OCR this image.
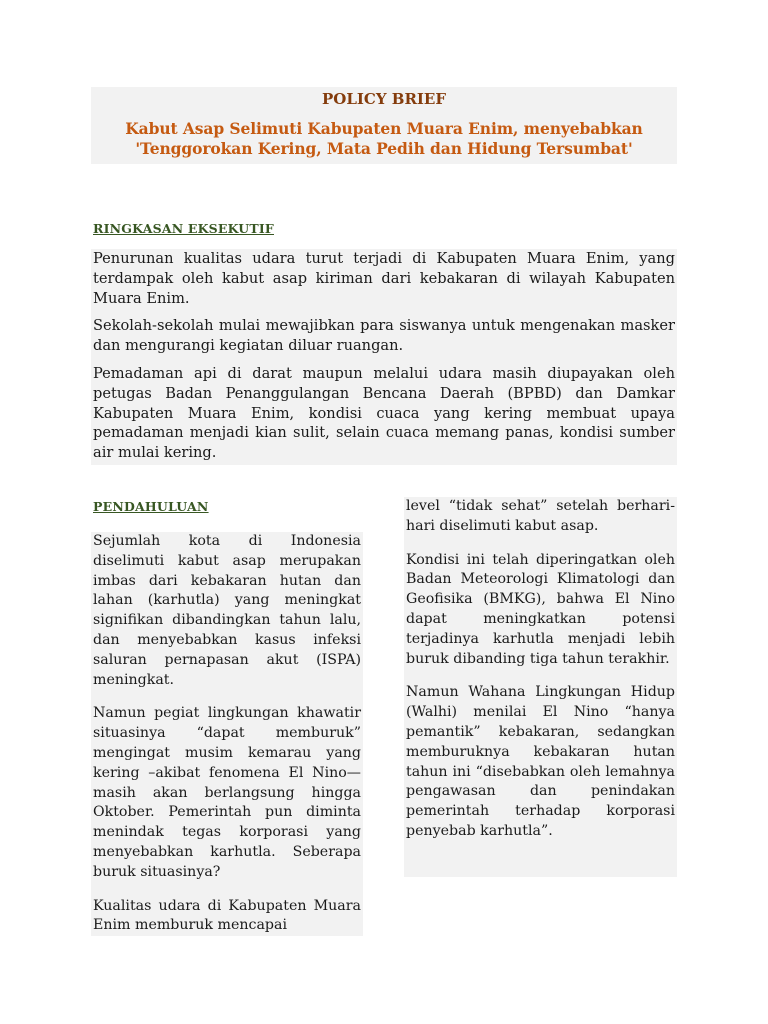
POLICY BRIEF
Kabut Asap Selimuti Kabupaten Muara Enim, menyebabkan
'Tenggorokan Kering, Mata Pedih dan Hidung Tersumbat'
RINGKASAN EKSEKUTIF

Penurunan kualitas udara turut terjadi di Kabupaten Muara Enim, yang terdampak oleh kabut asap kiriman dari kebakaran di wilayah Kabupaten Muara Enim.

Sekolah-sekolah mulai mewajibkan para siswanya untuk mengenakan masker dan mengurangi kegiatan diluar ruangan.

Pemadaman api di darat maupun melalui udara masih diupayakan oleh petugas Badan Penanggulangan Bencana Daerah (BPBD) dan Damkar Kabupaten Muara Enim, kondisi cuaca yang kering membuat upaya pemadaman menjadi kian sulit, selain cuaca memang panas, kondisi sumber air mulai kering.

PENDAHULUAN

Sejumlah kota di Indonesia diselimuti kabut asap merupakan imbas dari kebakaran hutan dan lahan (karhutla) yang meningkat signifikan dibandingkan tahun lalu, dan menyebabkan kasus infeksi saluran pernapasan akut (ISPA) meningkat.

Namun pegiat lingkungan khawatir situasinya “dapat memburuk” mengingat musim kemarau yang kering –akibat fenomena El Nino—masih akan berlangsung hingga Oktober. Pemerintah pun diminta menindak tegas korporasi yang menyebabkan karhutla. Seberapa buruk situasinya?

Kualitas udara di Kabupaten Muara Enim memburuk mencapai

level “tidak sehat” setelah berhari-hari diselimuti kabut asap.

Kondisi ini telah diperingatkan oleh Badan Meteorologi Klimatologi dan Geofisika (BMKG), bahwa El Nino dapat meningkatkan potensi terjadinya karhutla menjadi lebih buruk dibanding tiga tahun terakhir.

Namun Wahana Lingkungan Hidup (Walhi) menilai El Nino “hanya pemantik” kebakaran, sedangkan memburuknya kebakaran hutan tahun ini “disebabkan oleh lemahnya pengawasan dan penindakan pemerintah terhadap korporasi penyebab karhutla”.
